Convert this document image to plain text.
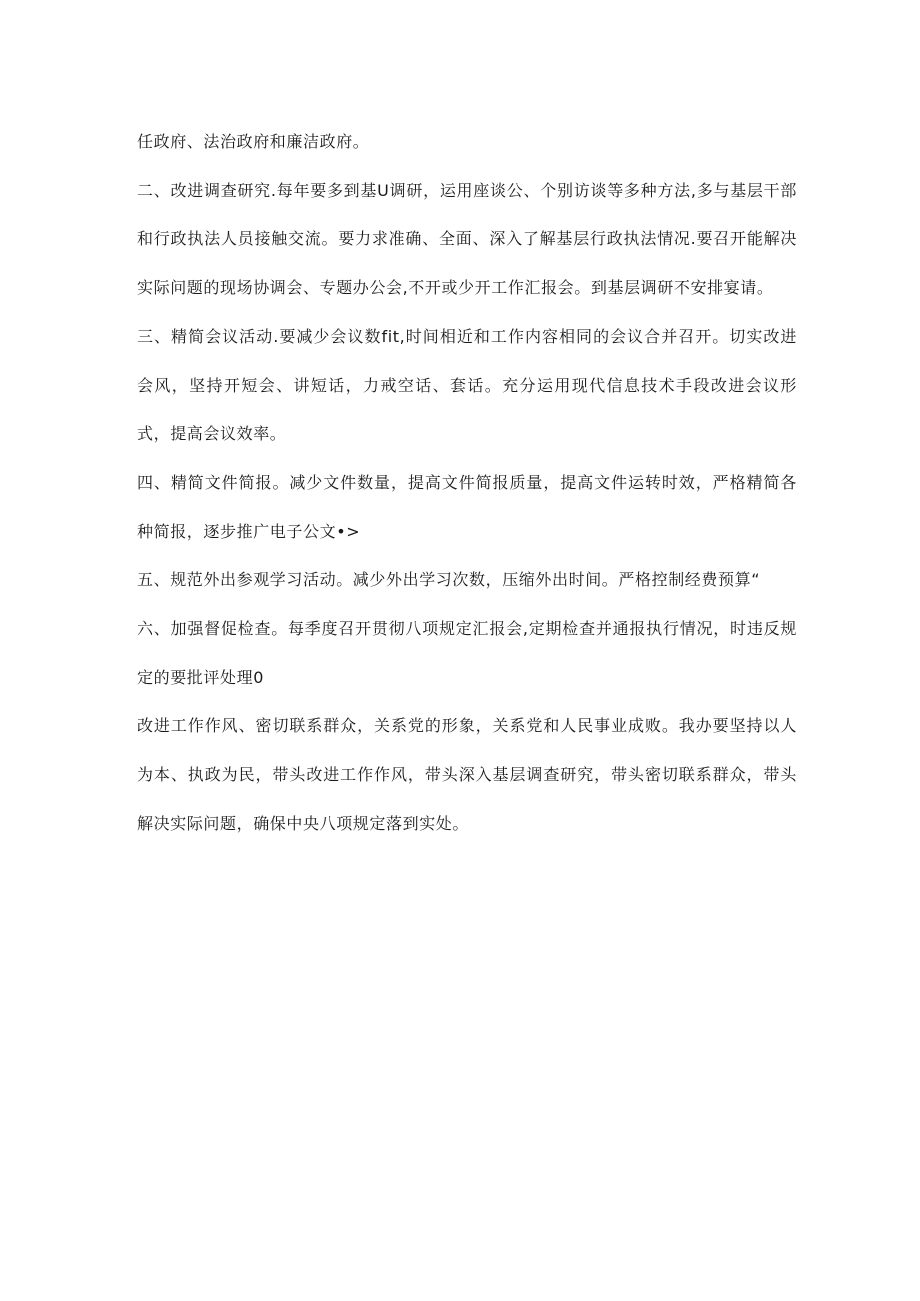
任政府、法治政府和廉洁政府。

二、改进调查研究.每年要多到基U调研，运用座谈公、个别访谈等多种方法,多与基层干部和行政执法人员接触交流。要力求准确、全面、深入了解基层行政执法情况.要召开能解决实际问题的现场协调会、专题办公会,不开或少开工作汇报会。到基层调研不安排宴请。

三、精简会议活动.要减少会议数fit,时间相近和工作内容相同的会议合并召开。切实改进会风，坚持开短会、讲短话，力戒空话、套话。充分运用现代信息技术手段改进会议形式，提高会议效率。

四、精简文件简报。减少文件数量，提高文件简报质量，提高文件运转时效，严格精简各种简报，逐步推广电子公文•>

五、规范外出参观学习活动。减少外出学习次数，压缩外出时间。严格控制经费预算“

六、加强督促检查。每季度召开贯彻八项规定汇报会,定期检查并通报执行情况，时违反规定的要批评处理0

改进工作作风、密切联系群众，关系党的形象，关系党和人民事业成败。我办要坚持以人为本、执政为民，带头改进工作作风，带头深入基层调查研究，带头密切联系群众，带头解决实际问题，确保中央八项规定落到实处。
